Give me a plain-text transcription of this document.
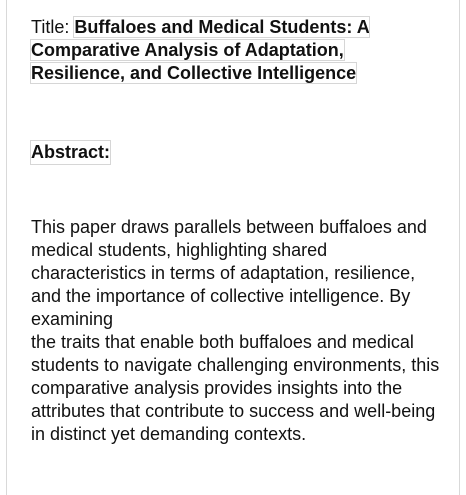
Title: Buffaloes and Medical Students: A Comparative Analysis of Adaptation, Resilience, and Collective Intelligence

Abstract:

This paper draws parallels between buffaloes and medical students, highlighting shared characteristics in terms of adaptation, resilience, and the importance of collective intelligence. By examining
the traits that enable both buffaloes and medical students to navigate challenging environments, this comparative analysis provides insights into the attributes that contribute to success and well-being in distinct yet demanding contexts.
